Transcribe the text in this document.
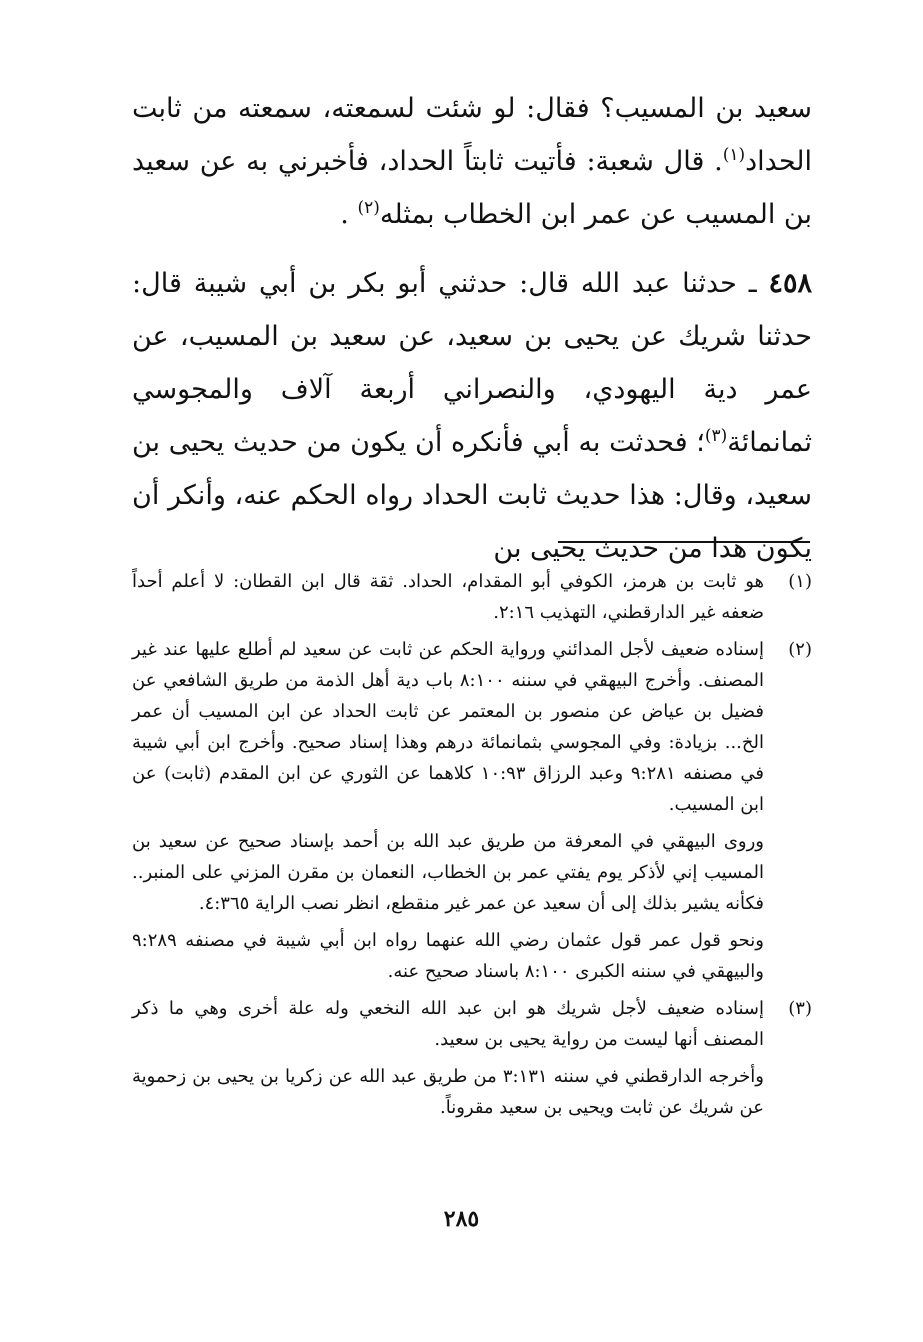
سعيد بن المسيب؟ فقال: لو شئت لسمعته، سمعته من ثابت الحداد$^{(١)}$. قال شعبة: فأتيت ثابتاً الحداد، فأخبرني به عن سعيد بن المسيب عن عمر ابن الخطاب بمثله$^{(٢)}$ .

٤٥٨ ـ حدثنا عبد الله قال: حدثني أبو بكر بن أبي شيبة قال: حدثنا شريك عن يحيى بن سعيد، عن سعيد بن المسيب، عن عمر دية اليهودي، والنصراني أربعة آلاف والمجوسي ثمانمائة$^{(٣)}$؛ فحدثت به أبي فأنكره أن يكون من حديث يحيى بن سعيد، وقال: هذا حديث ثابت الحداد رواه الحكم عنه، وأنكر أن يكون هذا من حديث يحيى بن

(١)

هو ثابت بن هرمز، الكوفي أبو المقدام، الحداد. ثقة قال ابن القطان: لا أعلم أحداً ضعفه غير الدارقطني، التهذيب ٢:١٦.

(٢)

إسناده ضعيف لأجل المدائني ورواية الحكم عن ثابت عن سعيد لم أطلع عليها عند غير المصنف. وأخرج البيهقي في سننه ٨:١٠٠ باب دية أهل الذمة من طريق الشافعي عن فضيل بن عياض عن منصور بن المعتمر عن ثابت الحداد عن ابن المسيب أن عمر الخ... بزيادة: وفي المجوسي بثمانمائة درهم وهذا إسناد صحيح. وأخرج ابن أبي شيبة في مصنفه ٩:٢٨١ وعبد الرزاق ١٠:٩٣ كلاهما عن الثوري عن ابن المقدم (ثابت) عن ابن المسيب.

وروى البيهقي في المعرفة من طريق عبد الله بن أحمد بإسناد صحيح عن سعيد بن المسيب إني لأذكر يوم يفتي عمر بن الخطاب، النعمان بن مقرن المزني على المنبر.. فكأنه يشير بذلك إلى أن سعيد عن عمر غير منقطع، انظر نصب الراية ٤:٣٦٥.

ونحو قول عمر قول عثمان رضي الله عنهما رواه ابن أبي شيبة في مصنفه ٩:٢٨٩ والبيهقي في سننه الكبرى ٨:١٠٠ باسناد صحيح عنه.

(٣)

إسناده ضعيف لأجل شريك هو ابن عبد الله النخعي وله علة أخرى وهي ما ذكر المصنف أنها ليست من رواية يحيى بن سعيد.

وأخرجه الدارقطني في سننه ٣:١٣١ من طريق عبد الله عن زكريا بن يحيى بن زحموية عن شريك عن ثابت ويحيى بن سعيد مقروناً.

٢٨٥
